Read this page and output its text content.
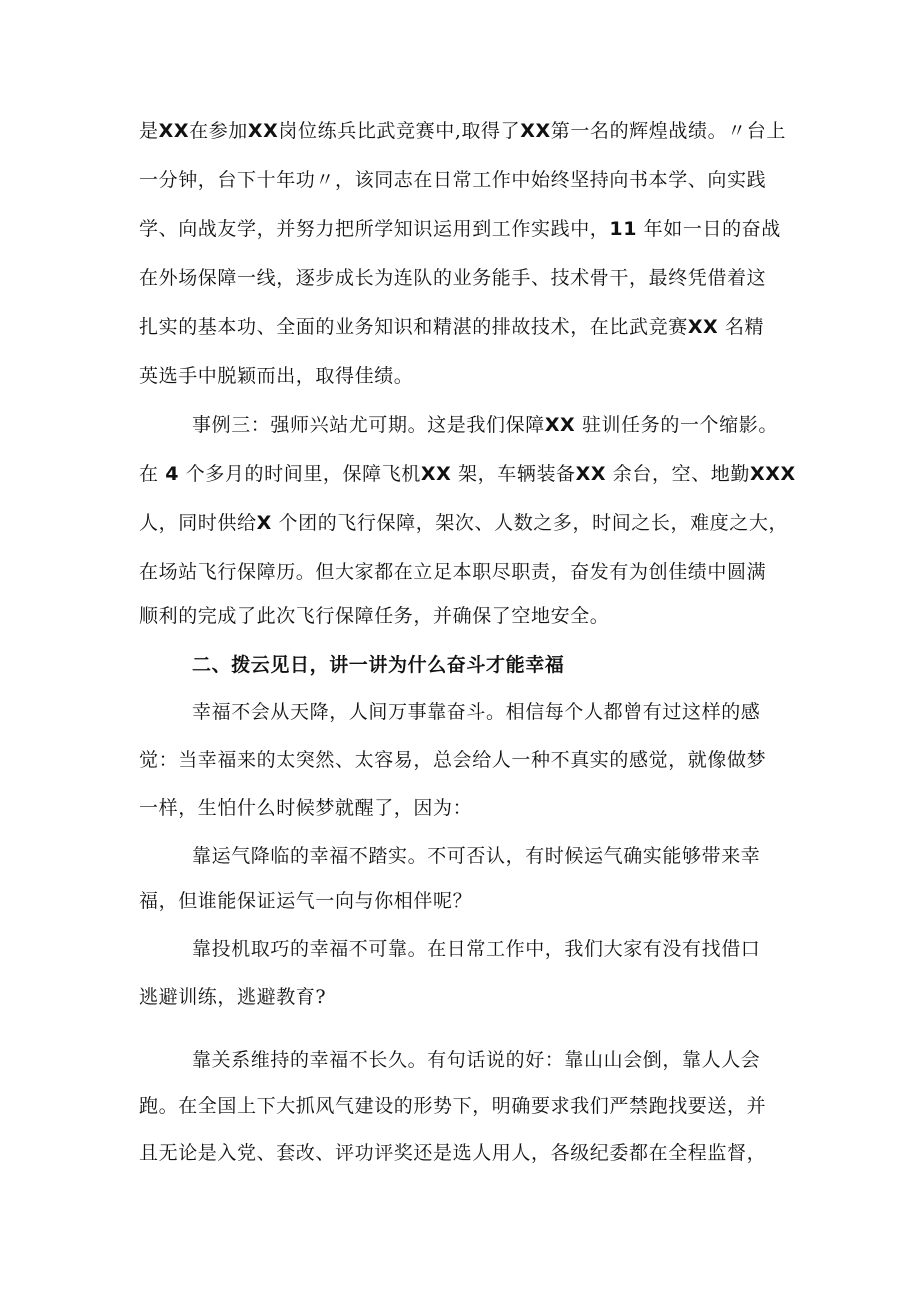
是XX在参加XX岗位练兵比武竞赛中,取得了XX第一名的辉煌战绩。〃台上
一分钟，台下十年功〃，该同志在日常工作中始终坚持向书本学、向实践
学、向战友学，并努力把所学知识运用到工作实践中，11 年如一日的奋战
在外场保障一线，逐步成长为连队的业务能手、技术骨干，最终凭借着这
扎实的基本功、全面的业务知识和精湛的排故技术，在比武竞赛XX 名精
英选手中脱颖而出，取得佳绩。
事例三：强师兴站尤可期。这是我们保障XX 驻训任务的一个缩影。
在 4 个多月的时间里，保障飞机XX 架，车辆装备XX 余台，空、地勤XXX
人，同时供给X 个团的飞行保障，架次、人数之多，时间之长，难度之大，
在场站飞行保障历。但大家都在立足本职尽职责，奋发有为创佳绩中圆满
顺利的完成了此次飞行保障任务，并确保了空地安全。
二、拨云见日，讲一讲为什么奋斗才能幸福
幸福不会从天降，人间万事靠奋斗。相信每个人都曾有过这样的感
觉：当幸福来的太突然、太容易，总会给人一种不真实的感觉，就像做梦
一样，生怕什么时候梦就醒了，因为：
靠运气降临的幸福不踏实。不可否认，有时候运气确实能够带来幸
福，但谁能保证运气一向与你相伴呢？
靠投机取巧的幸福不可靠。在日常工作中，我们大家有没有找借口
逃避训练，逃避教育?
靠关系维持的幸福不长久。有句话说的好：靠山山会倒，靠人人会
跑。在全国上下大抓风气建设的形势下，明确要求我们严禁跑找要送，并
且无论是入党、套改、评功评奖还是选人用人，各级纪委都在全程监督，
